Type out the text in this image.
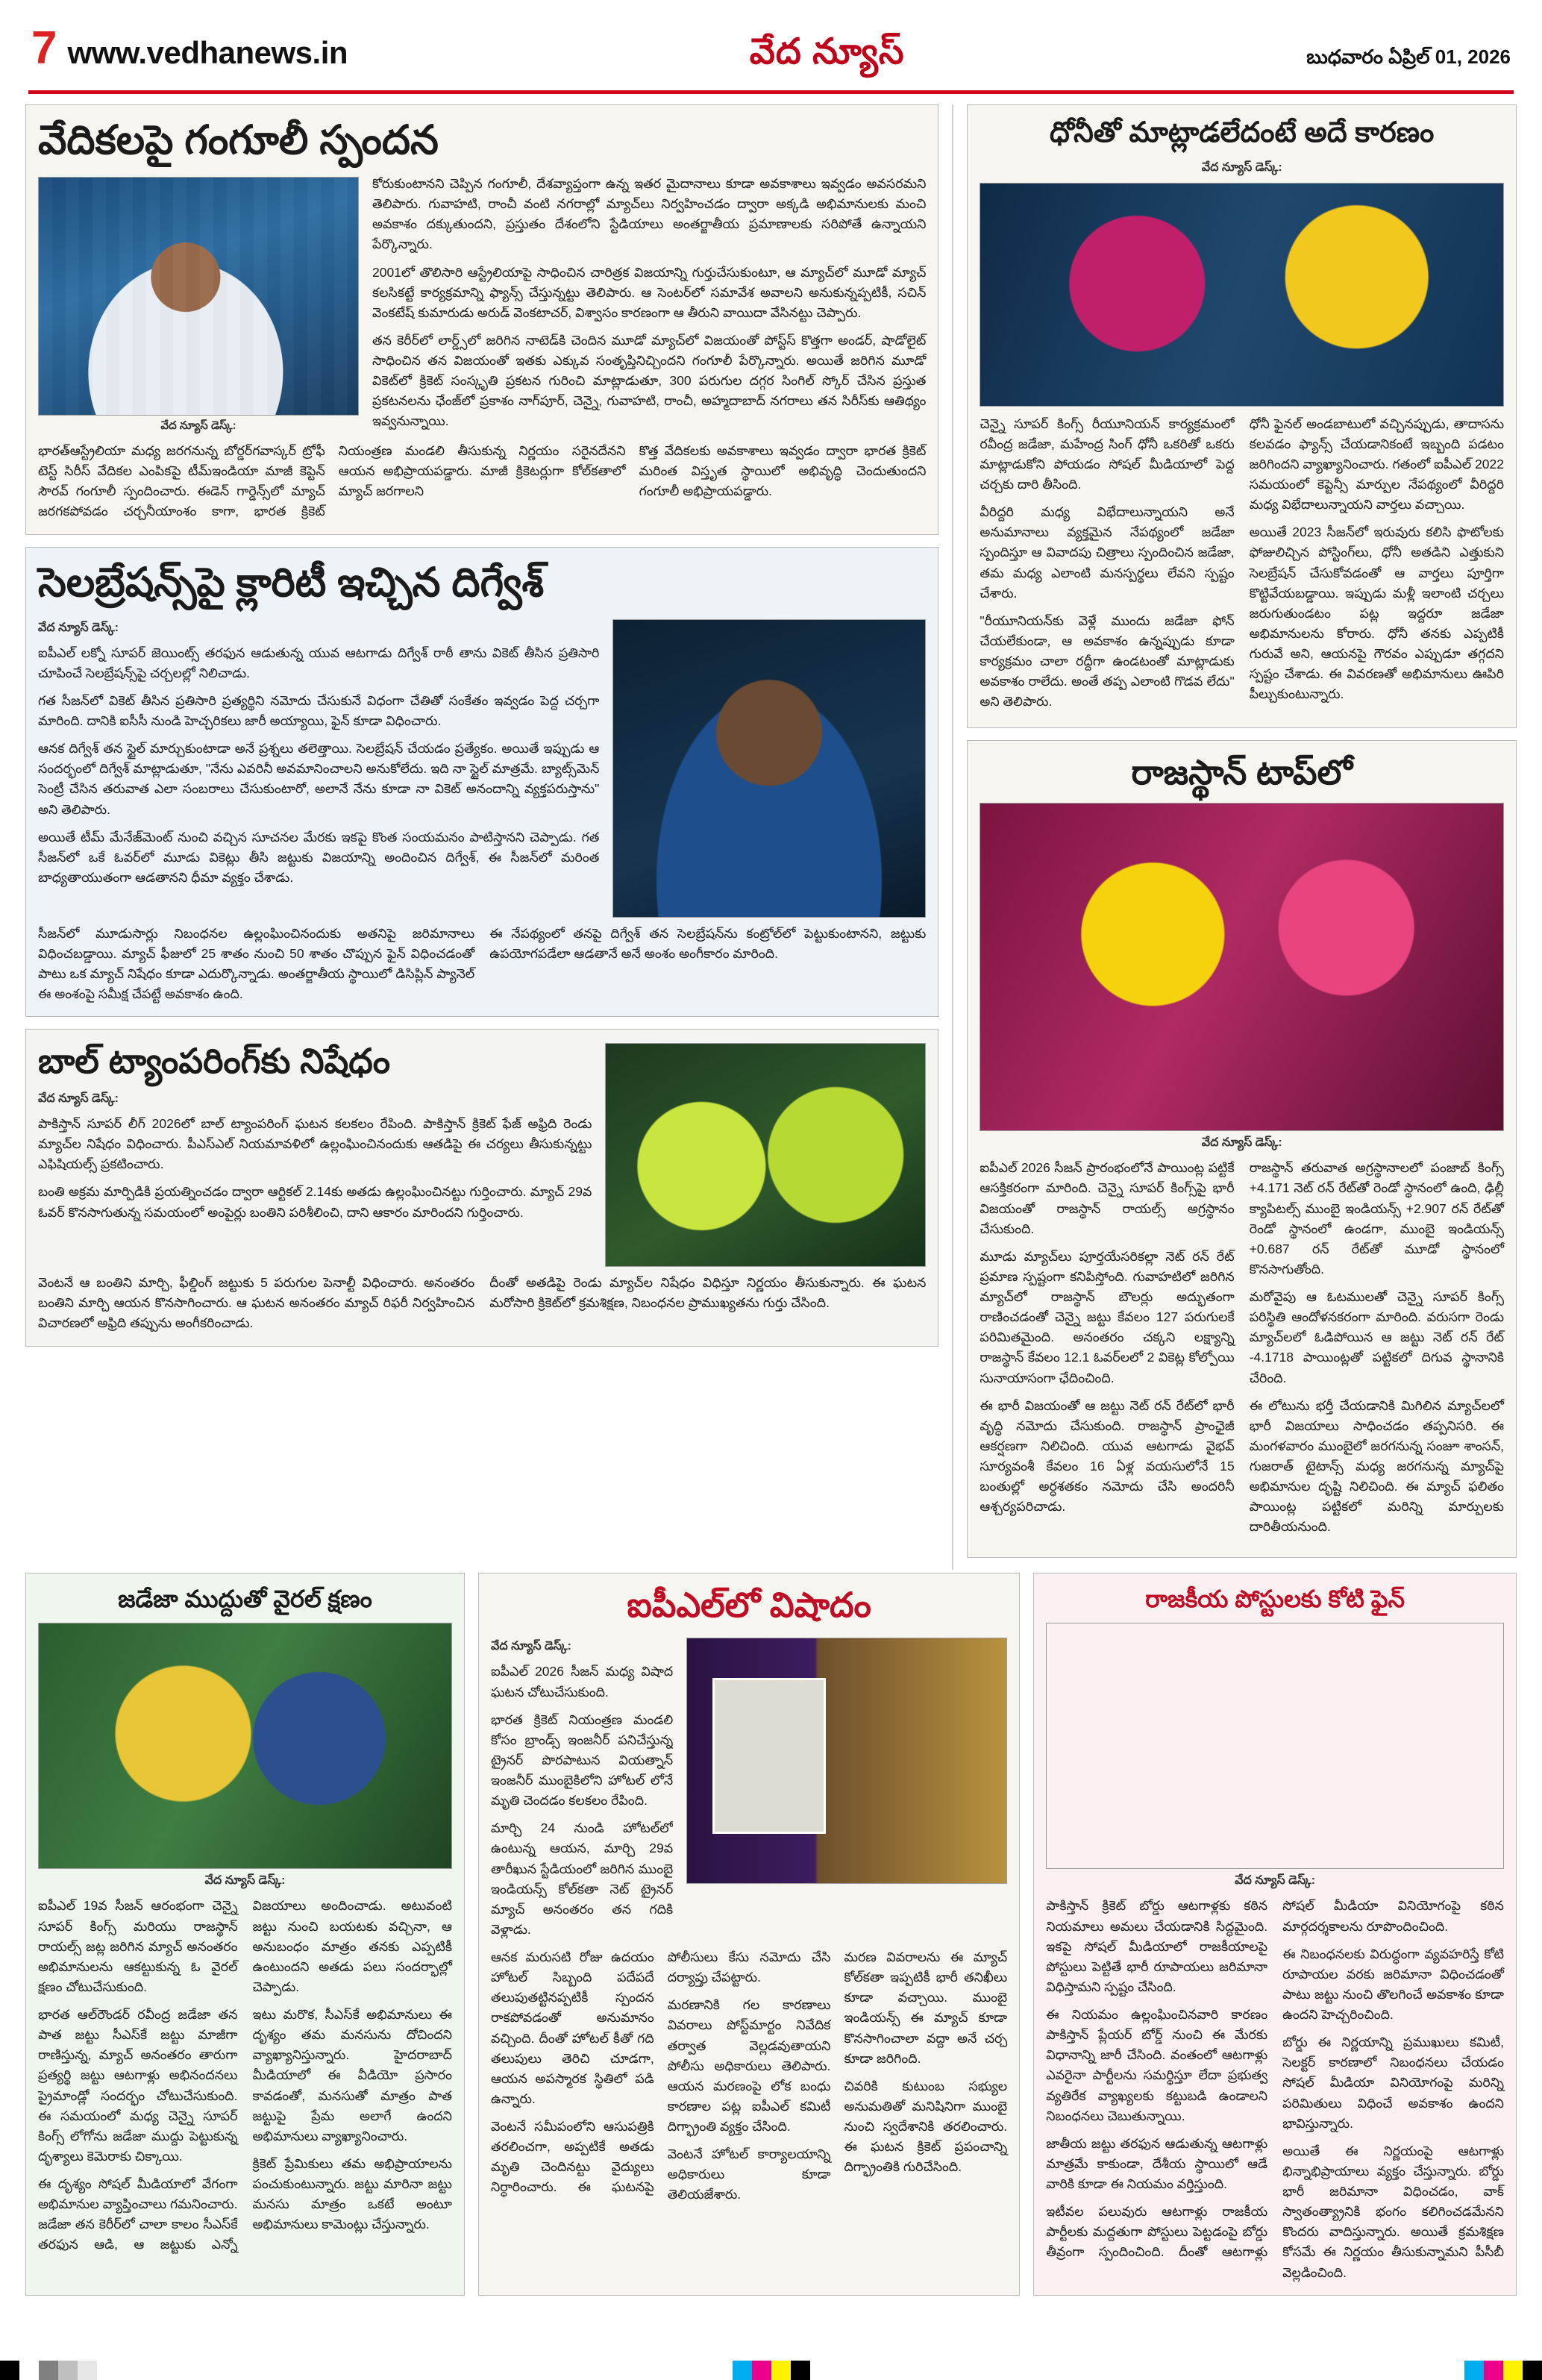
7 www.vedhanews.in	వేద న్యూస్	బుధవారం ఏప్రిల్ 01, 2026
వేదికలపై గంగూలీ స్పందన
వేద న్యూస్ డెస్క్:

కోరుకుంటానని చెప్పిన గంగూలీ, దేశవ్యాప్తంగా ఉన్న ఇతర మైదానాలు కూడా అవకాశాలు ఇవ్వడం అవసరమని తెలిపారు. గువాహటి, రాంచీ వంటి నగరాల్లో మ్యాచ్‌లు నిర్వహించడం ద్వారా అక్కడి అభిమానులకు మంచి అవకాశం దక్కుతుందని, ప్రస్తుతం దేశంలోని స్టేడియాలు అంతర్జాతీయ ప్రమాణాలకు సరిపోతే ఉన్నాయని పేర్కొన్నారు.

2001లో తొలిసారి ఆస్ట్రేలియాపై సాధించిన చారిత్రక విజయాన్ని గుర్తుచేసుకుంటూ, ఆ మ్యాచ్‌లో మూడో మ్యాచ్ కలసికట్టే కార్యక్రమాన్ని ఫ్యాన్స్ చేస్తున్నట్టు తెలిపారు. ఆ సెంటర్‌లో సమావేశ అవాలని అనుకున్నప్పటికీ, సచిన్ వెంకటేష్ కుమారుడు అరుడ్ వెంకటాచర్, విశ్వాసం కారణంగా ఆ తీరుని వాయిదా వేసినట్టు చెప్పారు.

తన కెరీర్‌లో లార్డ్స్‌లో జరిగిన నాటెడ్‌కి చెందిన మూడో మ్యాచ్‌లో విజయంతో పోస్ట్‌స్ కొత్తగా అండర్, షాడోలైట్ సాధించిన తన విజయంతో ఇతకు ఎక్కువ సంతృప్తినిచ్చిందని గంగూలీ పేర్కొన్నారు. అయితే జరిగిన మూడో వికెట్‌లో క్రికెట్ సంస్కృతి ప్రకటన గురించి మాట్లాడుతూ, 300 పరుగుల దగ్గర సింగిల్ స్కోర్ చేసిన ప్రస్తుత ప్రకటనలను ఛేంజ్‌లో ప్రకాశం నాగ్‌పూర్, చెన్నై, గువాహటి, రాంచీ, అహ్మదాబాద్ నగరాలు తన సిరీస్‌కు ఆతిథ్యం ఇవ్వనున్నాయి.

భారత్‌ఆస్ట్రేలియా మధ్య జరగనున్న బోర్డర్‌గవాస్కర్ ట్రోఫీ టెస్ట్ సిరీస్ వేదికల ఎంపికపై టీమ్‌ఇండియా మాజీ కెప్టెన్ సౌరవ్ గంగూలీ స్పందించారు. ఈడెన్ గార్డెన్స్‌లో మ్యాచ్ జరగకపోవడం చర్చనీయాంశం కాగా, భారత క్రికెట్ నియంత్రణ మండలి తీసుకున్న నిర్ణయం సరైనదేనని ఆయన అభిప్రాయపడ్డారు. మాజీ క్రికెటర్లుగా కోల్‌కతాలో మ్యాచ్ జరగాలని

కొత్త వేదికలకు అవకాశాలు ఇవ్వడం ద్వారా భారత క్రికెట్ మరింత విస్తృత స్థాయిలో అభివృద్ధి చెందుతుందని గంగూలీ అభిప్రాయపడ్డారు.

సెలబ్రేషన్స్‌పై క్లారిటీ ఇచ్చిన దిగ్వేశ్
వేద న్యూస్ డెస్క్:

ఐపీఎల్ లక్నో సూపర్ జెయింట్స్ తరఫున ఆడుతున్న యువ ఆటగాడు దిగ్వేశ్ రాఠీ తాను వికెట్ తీసిన ప్రతిసారి చూపించే సెలబ్రేషన్స్‌పై చర్చలల్లో నిలిచాడు.

గత సీజన్‌లో వికెట్ తీసిన ప్రతిసారి ప్రత్యర్థిని నమోదు చేసుకునే విధంగా చేతితో సంకేతం ఇవ్వడం పెద్ద చర్చగా మారింది. దానికి ఐసీసీ నుండి హెచ్చరికలు జారీ అయ్యాయి, ఫైన్ కూడా విధించారు.

ఆనక దిగ్వేశ్ తన స్టైల్ మార్చుకుంటాడా అనే ప్రశ్నలు తలెత్తాయి. సెలబ్రేషన్ చేయడం ప్రత్యేకం. అయితే ఇప్పుడు ఆ సందర్భంలో దిగ్వేశ్ మాట్లాడుతూ, "నేను ఎవరినీ అవమానించాలని అనుకోలేదు. ఇది నా స్టైల్ మాత్రమే. బ్యాట్స్‌మెన్ సెంట్రీ చేసిన తరువాత ఎలా సంబరాలు చేసుకుంటారో, అలానే నేను కూడా నా వికెట్ అనందాన్ని వ్యక్తపరుస్తాను" అని తెలిపారు.

అయితే టీమ్ మేనేజ్‌మెంట్ నుంచి వచ్చిన సూచనల మేరకు ఇకపై కొంత సంయమనం పాటిస్తానని చెప్పాడు. గత సీజన్‌లో ఒకే ఓవర్‌లో మూడు వికెట్లు తీసి జట్టుకు విజయాన్ని అందించిన దిగ్వేశ్, ఈ సీజన్‌లో మరింత బాధ్యతాయుతంగా ఆడతానని ధీమా వ్యక్తం చేశాడు.

సీజన్‌లో మూడుసార్లు నిబంధనల ఉల్లంఘించినందుకు అతనిపై జరిమానాలు విధించబడ్డాయి. మ్యాచ్ ఫీజులో 25 శాతం నుంచి 50 శాతం చొప్పున ఫైన్ విధించడంతో పాటు ఒక మ్యాచ్ నిషేధం కూడా ఎదుర్కొన్నాడు. అంతర్జాతీయ స్థాయిలో డిసిప్లిన్ ప్యానెల్ ఈ అంశంపై సమీక్ష చేపట్టే అవకాశం ఉంది.

ఈ నేపథ్యంలో తనపై దిగ్వేశ్ తన సెలబ్రేషన్‌ను కంట్రోల్‌లో పెట్టుకుంటానని, జట్టుకు ఉపయోగపడేలా ఆడతానే అనే అంశం అంగీకారం మారింది.

బాల్ ట్యాంపరింగ్‌కు నిషేధం
వేద న్యూస్ డెస్క్:

పాకిస్తాన్ సూపర్ లీగ్ 2026లో బాల్ ట్యాంపరింగ్ ఘటన కలకలం రేపింది. పాకిస్తాన్ క్రికెట్ ఫేజ్ అఫ్రిది రెండు మ్యాచ్‌ల నిషేధం విధించారు. పీఎస్‌ఎల్ నియమావళిలో ఉల్లంఘించినందుకు ఆతడిపై ఈ చర్యలు తీసుకున్నట్టు ఎఫిషియల్స్ ప్రకటించారు.

బంతి అక్రమ మార్పిడికి ప్రయత్నించడం ద్వారా ఆర్టికల్ 2.14కు అతడు ఉల్లంఘించినట్టు గుర్తించారు. మ్యాచ్ 29వ ఓవర్ కొనసాగుతున్న సమయంలో అంపైర్లు బంతిని పరిశీలించి, దాని ఆకారం మారిందని గుర్తించారు.

వెంటనే ఆ బంతిని మార్చి, ఫీల్డింగ్ జట్టుకు 5 పరుగుల పెనాల్టీ విధించారు. అనంతరం బంతిని మార్చి ఆయన కొనసాగించారు. ఆ ఘటన అనంతరం మ్యాచ్ రిఫరీ నిర్వహించిన విచారణలో అఫ్రిది తప్పును అంగీకరించాడు.

దీంతో అతడిపై రెండు మ్యాచ్‌ల నిషేధం విధిస్తూ నిర్ణయం తీసుకున్నారు. ఈ ఘటన మరోసారి క్రికెట్‌లో క్రమశిక్షణ, నిబంధనల ప్రాముఖ్యతను గుర్తు చేసింది.

ధోనీతో మాట్లాడలేదంటే అదే కారణం
వేద న్యూస్ డెస్క్:

చెన్నై సూపర్ కింగ్స్ రీయూనియన్ కార్యక్రమంలో రవీంద్ర జడేజా, మహేంద్ర సింగ్ ధోనీ ఒకరితో ఒకరు మాట్లాడుకోని పోయడం సోషల్ మీడియాలో పెద్ద చర్చకు దారి తీసింది.

వీరిద్దరి మధ్య విభేదాలున్నాయని అనే అనుమానాలు వ్యక్తమైన నేపథ్యంలో జడేజా స్పందిస్తూ ఆ వివాదపు చిత్రాలు స్పందించిన జడేజా, తమ మధ్య ఎలాంటి మనస్పర్థలు లేవని స్పష్టం చేశారు.

"రీయూనియన్‌కు వెళ్లే ముందు జడేజా ఫోన్ చేయలేకుండా, ఆ అవకాశం ఉన్నప్పుడు కూడా కార్యక్రమం చాలా రద్దీగా ఉండటంతో మాట్లాడుకు అవకాశం రాలేదు. అంతే తప్ప ఎలాంటి గొడవ లేదు" అని తెలిపారు.

ధోనీ ఫైనల్ అండబాటులో వచ్చినప్పుడు, తాదాసను కలవడం ఫ్యాన్స్ చేయడానికంటే ఇబ్బంది పడటం జరిగిందని వ్యాఖ్యానించారు. గతంలో ఐపీఎల్ 2022 సమయంలో కెప్టెన్సీ మార్పుల నేపథ్యంలో వీరిద్దరి మధ్య విభేదాలున్నాయని వార్తలు వచ్చాయి.

అయితే 2023 సీజన్‌లో ఇరువురు కలిసి ఫొటోలకు ఫోజులిచ్చిన పోస్టింగ్‌లు, ధోనీ అతడిని ఎత్తుకుని సెలబ్రేషన్ చేసుకోవడంతో ఆ వార్తలు పూర్తిగా కొట్టివేయబడ్డాయి. ఇప్పుడు మళ్లీ ఇలాంటి చర్చలు జరుగుతుండటం పట్ల ఇద్దరూ జడేజా అభిమానులను కోరారు. ధోనీ తనకు ఎప్పటికీ గురువే అని, ఆయనపై గౌరవం ఎప్పుడూ తగ్గదని స్పష్టం చేశాడు. ఈ వివరణతో అభిమానులు ఊపిరి పీల్చుకుంటున్నారు.

రాజస్థాన్ టాప్‌లో
వేద న్యూస్ డెస్క్:

ఐపీఎల్ 2026 సీజన్ ప్రారంభంలోనే పాయింట్ల పట్టికే ఆసక్తికరంగా మారింది. చెన్నై సూపర్ కింగ్స్‌పై భారీ విజయంతో రాజస్థాన్ రాయల్స్ అగ్రస్థానం చేసుకుంది.

మూడు మ్యాచ్‌లు పూర్తయేసరికల్లా నెట్ రన్ రేట్ ప్రమాణ స్పష్టంగా కనిపిస్తోంది. గువాహటిలో జరిగిన మ్యాచ్‌లో రాజస్థాన్ బౌలర్లు అద్భుతంగా రాణించడంతో చెన్నై జట్టు కేవలం 127 పరుగులకే పరిమితమైంది. అనంతరం చ‌క్క‌ని లక్ష్యాన్ని రాజస్థాన్ కేవలం 12.1 ఓవర్‌లలో 2 వికెట్ల కోల్పోయి సునాయాసంగా ఛేదించింది.

ఈ భారీ విజయంతో ఆ జట్టు నెట్ రన్ రేట్‌లో భారీ వృద్ధి నమోదు చేసుకుంది. రాజస్థాన్ ప్రాంఛైజీ ఆకర్షణగా నిలిచింది. యువ ఆటగాడు వైభవ్ సూర్యవంశీ కేవలం 16 ఏళ్ల వయసులోనే 15 బంతుల్లో అర్ధశతకం నమోదు చేసి అందరినీ ఆశ్చర్యపరిచాడు.

రాజస్థాన్ తరువాత అగ్రస్థానాలలో పంజాబ్ కింగ్స్ +4.171 నెట్ రన్ రేట్‌తో రెండో స్థానంలో ఉంది, ఢిల్లీ క్యాపిటల్స్ ముంబై ఇండియన్స్ +2.907 రన్ రేట్‌తో రెండో స్థానంలో ఉండగా, ముంబై ఇండియన్స్ +0.687 రన్ రేట్‌తో మూడో స్థానంలో కొనసాగుతోంది.

మరోవైపు ఆ ఓటములతో చెన్నై సూపర్ కింగ్స్ పరిస్థితి ఆందోళనకరంగా మారింది. వరుసగా రెండు మ్యాచ్‌లలో ఓడిపోయిన ఆ జట్టు నెట్ రన్ రేట్ -4.1718 పాయింట్లతో పట్టికలో దిగువ స్థానానికి చేరింది.

ఈ లోటును భర్తీ చేయడానికి మిగిలిన మ్యాచ్‌లలో భారీ విజయాలు సాధించడం తప్పనిసరి. ఈ మంగళవారం ముంబైలో జరగనున్న సంజూ శాంసన్, గుజరాత్ టైటాన్స్ మధ్య జరగనున్న మ్యాచ్‌పై అభిమానుల దృష్టి నిలిచింది. ఈ మ్యాచ్ ఫలితం పాయింట్ల పట్టికలో మరిన్ని మార్పులకు దారితీయనుంది.

జడేజా ముద్దుతో వైరల్ క్షణం
వేద న్యూస్ డెస్క్:

ఐపీఎల్ 19వ సీజన్ ఆరంభంగా చెన్నై సూపర్ కింగ్స్ మరియు రాజస్థాన్ రాయల్స్ జట్ల జరిగిన మ్యాచ్ అనంతరం అభిమానులను ఆకట్టుకున్న ఓ వైరల్ క్షణం చోటుచేసుకుంది.

భారత ఆల్‌రౌండర్ రవీంద్ర జడేజా తన పాత జట్టు సీఎస్‌కే జట్టు మాజీగా రాణిస్తున్న, మ్యాచ్ అనంతరం తారుగా ప్రత్యర్థి జట్టు ఆటగాళ్లు అభినందనలు ప్రైమాండ్లో సందర్భం చోటుచేసుకుంది. ఈ సమయంలో మధ్య చెన్నై సూపర్ కింగ్స్ లోగోను జడేజా ముద్దు పెట్టుకున్న దృశ్యాలు కెమెరాకు చిక్కాయి.

ఈ దృశ్యం సోషల్ మీడియాలో వేగంగా అభిమానుల వ్యాప్తించాలు గమనించారు. జడేజా తన కెరీర్‌లో చాలా కాలం సీఎస్‌కే తరఫున ఆడి, ఆ జట్టుకు ఎన్నో విజయాలు అందించాడు. అటువంటి జట్టు నుంచి బయటకు వచ్చినా, ఆ అనుబంధం మాత్రం తనకు ఎప్పటికీ ఉంటుందని అతడు పలు సందర్భాల్లో చెప్పాడు.

ఇటు మరొక, సీఎస్‌కే అభిమానులు ఈ దృశ్యం తమ మనసును దోచిందని వ్యాఖ్యానిస్తున్నారు. హైదరాబాద్ మీడియాలో ఈ వీడియో ప్రసారం కావడంతో, మనసుతో మాత్రం పాత జట్టుపై ప్రేమ అలాగే ఉందని అభిమానులు వ్యాఖ్యానించారు.

క్రికెట్ ప్రేమికులు తమ అభిప్రాయాలను పంచుకుంటున్నారు. జట్టు మారినా జట్టు మనసు మాత్రం ఒకటే అంటూ అభిమానులు కామెంట్లు చేస్తున్నారు.

ఐపీఎల్‌లో విషాదం
వేద న్యూస్ డెస్క్:

ఐపీఎల్ 2026 సీజన్ మధ్య విషాద ఘటన చోటుచేసుకుంది.

భారత క్రికెట్ నియంత్రణ మండలి కోసం బ్రాండ్స్ ఇంజనీర్ పనిచేస్తున్న ట్రైనర్ పొరపాటున వియత్నాన్ ఇంజనీర్ ముంబైకిలోని హోటల్ లోనే మృతి చెందడం కలకలం రేపింది.

మార్చి 24 నుండి హోటల్‌లో ఉంటున్న ఆయన, మార్చి 29వ తారీఖున స్టేడియంలో జరిగిన ముంబై ఇండియన్స్ కోల్‌కతా నెట్ ట్రైనర్ మ్యాచ్ అనంతరం తన గదికి వెళ్లాడు.

ఆనక మరుసటి రోజు ఉదయం హోటల్ సిబ్బంది పదేపదే తలుపుతట్టినప్పటికీ స్పందన రాకపోవడంతో అనుమానం వచ్చింది. దీంతో హోటల్ కీతో గది తలుపులు తెరిచి చూడగా, ఆయన అపస్మారక స్థితిలో పడి ఉన్నారు.

వెంటనే సమీపంలోని ఆసుపత్రికి తరలించగా, అప్పటికే అతడు మృతి చెందినట్టు వైద్యులు నిర్ధారించారు. ఈ ఘటనపై పోలీసులు కేసు నమోదు చేసి దర్యాప్తు చేపట్టారు.

మరణానికి గల కారణాలు వివరాలు పోస్ట్‌మార్టం నివేదిక తర్వాత వెల్లడవుతాయని పోలీసు అధికారులు తెలిపారు. ఆయన మరణంపై లోక బంధు కారణాల పట్ల ఐపీఎల్ కమిటీ దిగ్భ్రాంతి వ్యక్తం చేసింది.

వెంటనే హోటల్ కార్యాలయాన్ని అధికారులు కూడా తెలియజేశారు.

మరణ వివరాలను ఈ మ్యాచ్ కోల్‌కతా ఇప్పటికీ భారీ తనిఖీలు కూడా వచ్చాయి. ముంబై ఇండియన్స్ ఈ మ్యాచ్ కూడా కొనసాగించాలా వద్దా అనే చర్చ కూడా జరిగింది.

చివరికి కుటుంబ సభ్యుల అనుమతితో మనిషినిగా ముంబై నుంచి స్వదేశానికి తరలించారు. ఈ ఘటన క్రికెట్ ప్రపంచాన్ని దిగ్భ్రాంతికి గురిచేసింది.

రాజకీయ పోస్టులకు కోటి ఫైన్
వేద న్యూస్ డెస్క్:

పాకిస్తాన్ క్రికెట్ బోర్డు ఆటగాళ్లకు కఠిన నియమాలు అమలు చేయడానికి సిద్ధమైంది. ఇకపై సోషల్ మీడియాలో రాజకీయాలపై పోస్టులు పెట్టితే భారీ రూపాయలు జరిమానా విధిస్తామని స్పష్టం చేసింది.

ఈ నియమం ఉల్లంఘించినవారి కారణం పాకిస్తాన్ ప్లేయర్ బోర్డ్ నుంచి ఈ మేరకు విధానాన్ని జారీ చేసింది. వంతంలో ఆటగాళ్లు ఎవరైనా పార్టీలను సమర్థిస్తూ లేదా ప్రభుత్వ వ్యతిరేక వ్యాఖ్యలకు కట్టుబడి ఉండాలని నిబంధనలు చెబుతున్నాయి.

జాతీయ జట్టు తరఫున ఆడుతున్న ఆటగాళ్లు మాత్రమే కాకుండా, దేశీయ స్థాయిలో ఆడే వారికి కూడా ఈ నియమం వర్తిస్తుంది.

ఇటీవల పలువురు ఆటగాళ్లు రాజకీయ పార్టీలకు మద్దతుగా పోస్టులు పెట్టడంపై బోర్డు తీవ్రంగా స్పందించింది. దీంతో ఆటగాళ్లు సోషల్ మీడియా వినియోగంపై కఠిన మార్గదర్శకాలను రూపొందించింది.

ఈ నిబంధనలకు విరుద్ధంగా వ్యవహరిస్తే కోటి రూపాయల వరకు జరిమానా విధించడంతో పాటు జట్టు నుంచి తొలగించే అవకాశం కూడా ఉందని హెచ్చరించింది.

బోర్డు ఈ నిర్ణయాన్ని ప్రముఖులు కమిటీ, సెలక్టర్ కారణాలో నిబంధనలు చేయడం సోషల్ మీడియా వినియోగంపై మరిన్ని పరిమితులు విధించే అవకాశం ఉందని భావిస్తున్నారు.

అయితే ఈ నిర్ణయంపై ఆటగాళ్లు భిన్నాభిప్రాయాలు వ్యక్తం చేస్తున్నారు. బోర్డు భారీ జరిమానా విధించడం, వాక్ స్వాతంత్య్రానికి భంగం కలిగించడమేనని కొందరు వాదిస్తున్నారు. అయితే క్రమశిక్షణ కోసమే ఈ నిర్ణయం తీసుకున్నామని పీసీబీ వెల్లడించింది.
